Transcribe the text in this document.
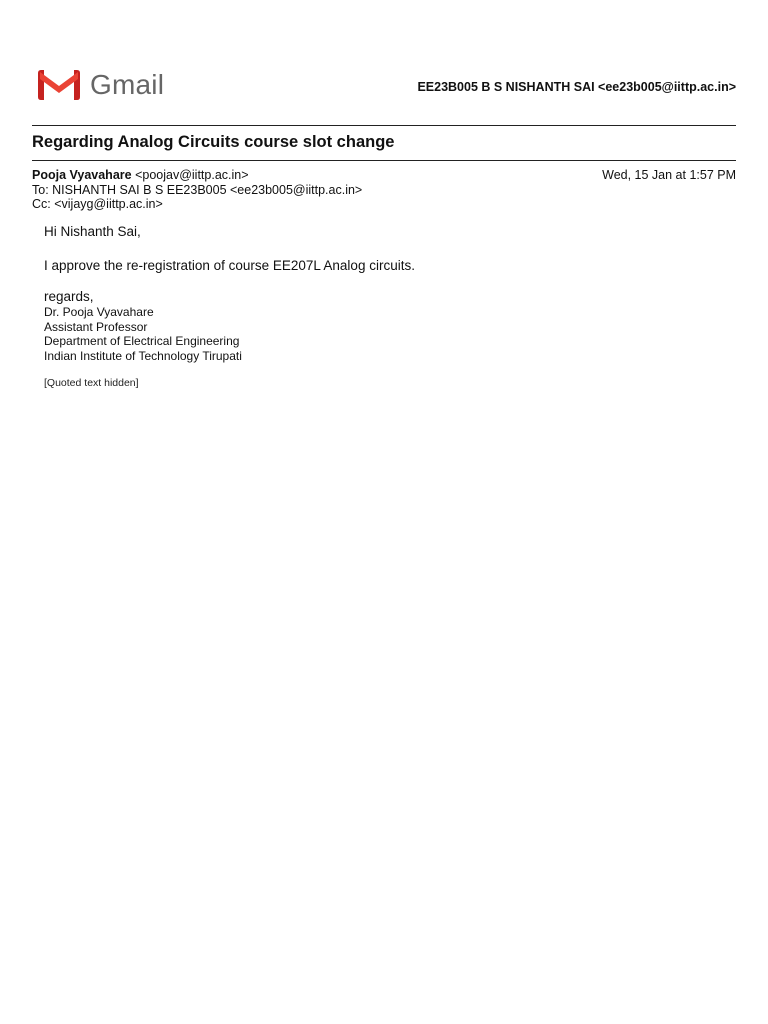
Gmail	EE23B005 B S NISHANTH SAI <ee23b005@iittp.ac.in>
Regarding Analog Circuits course slot change
Pooja Vyavahare <poojav@iittp.ac.in>
To: NISHANTH SAI B S EE23B005 <ee23b005@iittp.ac.in>
Cc: <vijayg@iittp.ac.in>
Wed, 15 Jan at 1:57 PM

Hi Nishanth Sai,

I approve the re-registration of course EE207L Analog circuits.

regards,

Dr. Pooja Vyavahare

Assistant Professor

Department of Electrical Engineering

Indian Institute of Technology Tirupati

[Quoted text hidden]
